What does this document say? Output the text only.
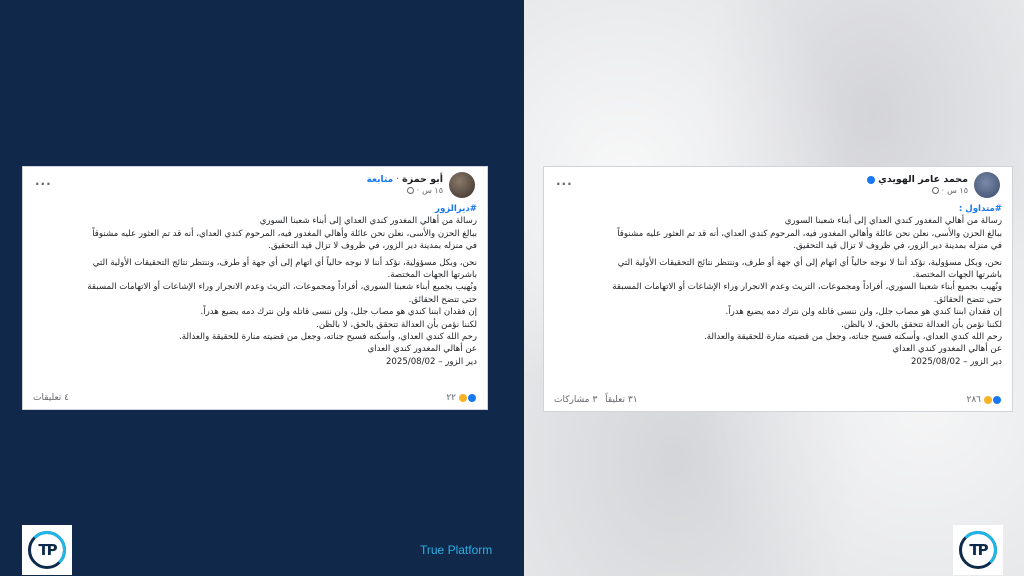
أبو حمزة
·
متابعة
١٥ س
·
···

#ديرالزور

رسالة من أهالي المغدور كندي العداي إلى أبناء شعبنا السوري

ببالغ الحزن والأسى، نعلن نحن عائلة وأهالي المغدور فيه، المرحوم كندي العداي، أنه قد تم العثور عليه مشنوقاً

في منزله بمدينة دير الزور، في ظروف لا تزال قيد التحقيق.

نحن، وبكل مسؤولية، نؤكد أننا لا نوجه حالياً أي اتهام إلى أي جهة أو طرف، وننتظر نتائج التحقيقات الأولية التي

باشرتها الجهات المختصة.

ونُهيب بجميع أبناء شعبنا السوري، أفراداً ومجموعات، التريث وعدم الانجرار وراء الإشاعات أو الاتهامات المسبقة

حتى تتضح الحقائق.

إن فقدان ابننا كندي هو مصاب جلل، ولن ننسى قاتله ولن نترك دمه يضيع هدراً.

لكننا نؤمن بأن العدالة تتحقق بالحق، لا بالظن.

رحم الله كندي العداي، وأسكنه فسيح جناته، وجعل من قضيته منارة للحقيقة والعدالة.

عن أهالي المغدور كندي العداي

دير الزور – 2025/08/02

٢٢
٤ تعليقات
محمد عامر الهويدي
١٥ س
·
···

#متداول :

رسالة من أهالي المغدور كندي العداي إلى أبناء شعبنا السوري

ببالغ الحزن والأسى، نعلن نحن عائلة وأهالي المغدور فيه، المرحوم كندي العداي، أنه قد تم العثور عليه مشنوقاً

في منزله بمدينة دير الزور، في ظروف لا تزال قيد التحقيق.

نحن، وبكل مسؤولية، نؤكد أننا لا نوجه حالياً أي اتهام إلى أي جهة أو طرف، وننتظر نتائج التحقيقات الأولية التي

باشرتها الجهات المختصة.

ونُهيب بجميع أبناء شعبنا السوري، أفراداً ومجموعات، التريث وعدم الانجرار وراء الإشاعات أو الاتهامات المسبقة

حتى تتضح الحقائق.

إن فقدان ابننا كندي هو مصاب جلل، ولن ننسى قاتله ولن نترك دمه يضيع هدراً.

لكننا نؤمن بأن العدالة تتحقق بالحق، لا بالظن.

رحم الله كندي العداي، وأسكنه فسيح جناته، وجعل من قضيته منارة للحقيقة والعدالة.

عن أهالي المغدور كندي العداي

دير الزور – 2025/08/02

٢٨٦
٣١ تعليقاً
٣ مشاركات
TP	TP
True Platform
